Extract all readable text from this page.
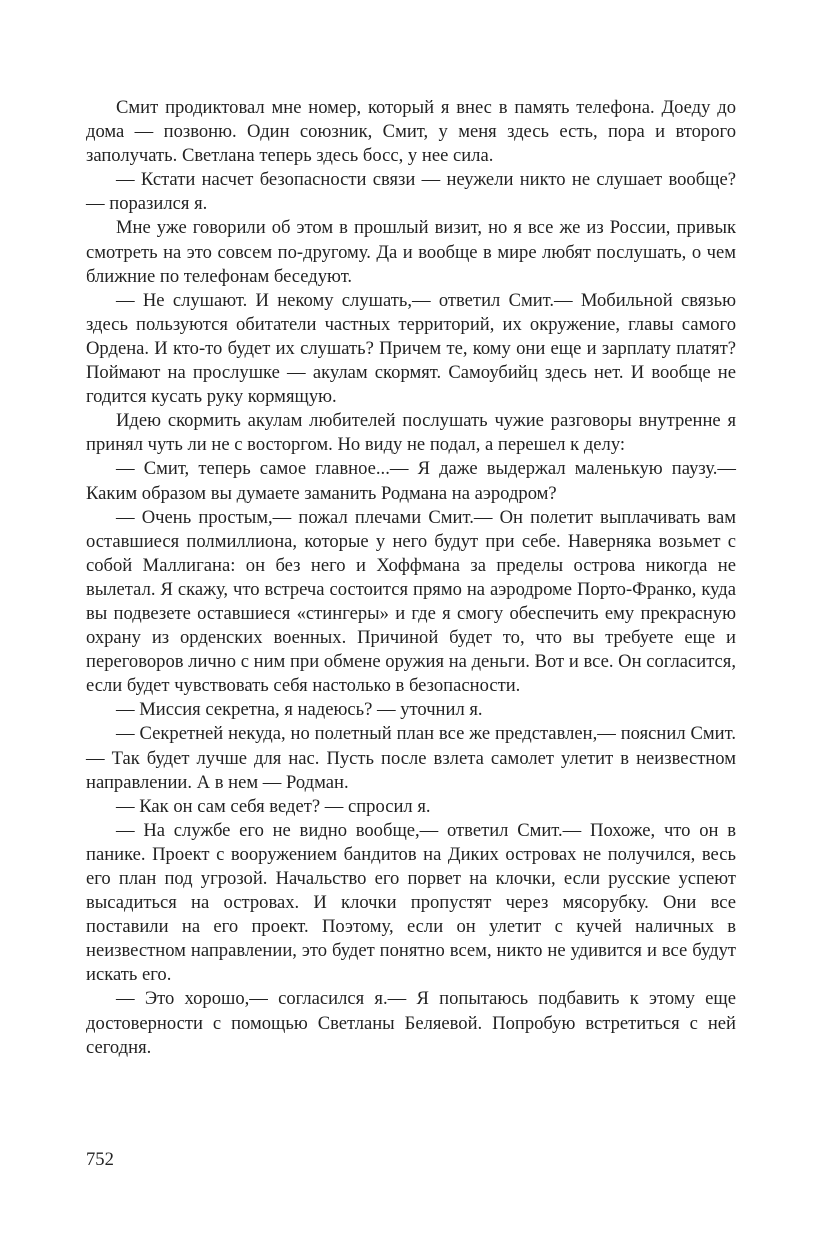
Смит продиктовал мне номер, который я внес в память телефона. Доеду до дома — позвоню. Один союзник, Смит, у меня здесь есть, пора и второго заполучать. Светлана теперь здесь босс, у нее сила.

— Кстати насчет безопасности связи — неужели никто не слушает вообще? — поразился я.

Мне уже говорили об этом в прошлый визит, но я все же из России, привык смотреть на это совсем по-другому. Да и вообще в мире любят послушать, о чем ближние по телефонам беседуют.

— Не слушают. И некому слушать,— ответил Смит.— Мобильной связью здесь пользуются обитатели частных территорий, их окружение, главы самого Ордена. И кто-то будет их слушать? Причем те, кому они еще и зарплату платят? Поймают на прослушке — акулам скормят. Самоубийц здесь нет. И вообще не годится кусать руку кормящую.

Идею скормить акулам любителей послушать чужие разговоры внутренне я принял чуть ли не с восторгом. Но виду не подал, а перешел к делу:

— Смит, теперь самое главное...— Я даже выдержал маленькую паузу.— Каким образом вы думаете заманить Родмана на аэродром?

— Очень простым,— пожал плечами Смит.— Он полетит выплачивать вам оставшиеся полмиллиона, которые у него будут при себе. Наверняка возьмет с собой Маллигана: он без него и Хоффмана за пределы острова никогда не вылетал. Я скажу, что встреча состоится прямо на аэродроме Порто-Франко, куда вы подвезете оставшиеся «стингеры» и где я смогу обеспечить ему прекрасную охрану из орденских военных. Причиной будет то, что вы требуете еще и переговоров лично с ним при обмене оружия на деньги. Вот и все. Он согласится, если будет чувствовать себя настолько в безопасности.

— Миссия секретна, я надеюсь? — уточнил я.

— Секретней некуда, но полетный план все же представлен,— пояснил Смит.— Так будет лучше для нас. Пусть после взлета самолет улетит в неизвестном направлении. А в нем — Родман.

— Как он сам себя ведет? — спросил я.

— На службе его не видно вообще,— ответил Смит.— Похоже, что он в панике. Проект с вооружением бандитов на Диких островах не получился, весь его план под угрозой. Начальство его порвет на клочки, если русские успеют высадиться на островах. И клочки пропустят через мясорубку. Они все поставили на его проект. Поэтому, если он улетит с кучей наличных в неизвестном направлении, это будет понятно всем, никто не удивится и все будут искать его.

— Это хорошо,— согласился я.— Я попытаюсь подбавить к этому еще достоверности с помощью Светланы Беляевой. Попробую встретиться с ней сегодня.

752
